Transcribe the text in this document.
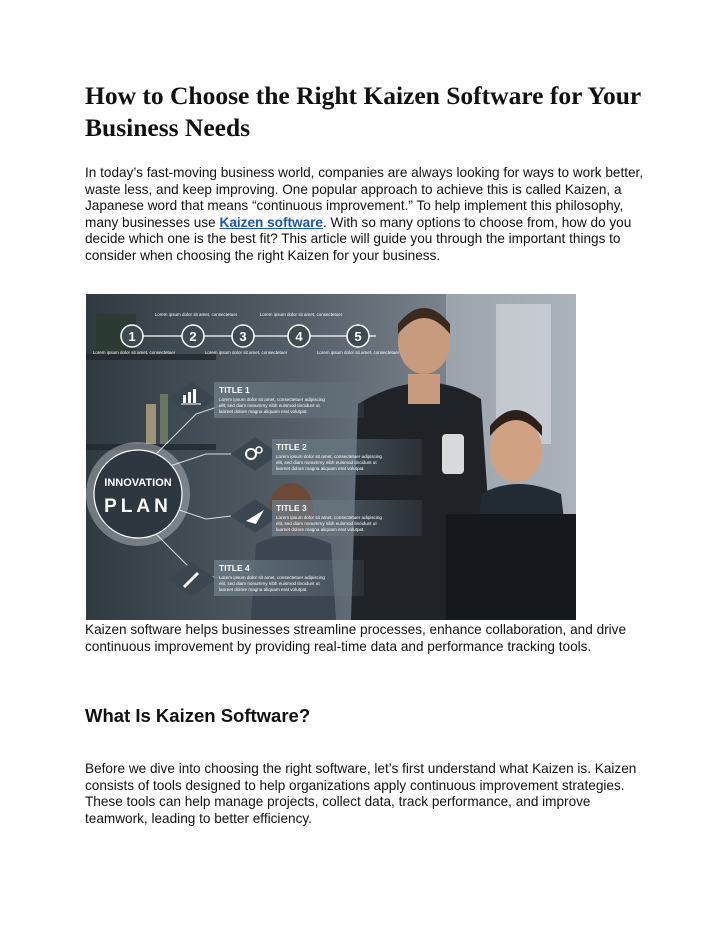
How to Choose the Right Kaizen Software for Your Business Needs

In today’s fast-moving business world, companies are always looking for ways to work better, waste less, and keep improving. One popular approach to achieve this is called Kaizen, a Japanese word that means “continuous improvement.” To help implement this philosophy, many businesses use Kaizen software. With so many options to choose from, how do you decide which one is the best fit? This article will guide you through the important things to consider when choosing the right Kaizen for your business.

1	2	3	4	5
Lorem ipsum dolor sit amet, consectetuer	Lorem ipsum dolor sit amet, consectetuer
Lorem ipsum dolor sit amet, consectetuer	Lorem ipsum dolor sit amet, consectetuer	Lorem ipsum dolor sit amet, consectetuer
INNOVATION
PLAN
TITLE 1
Lorem ipsum dolor sit amet, consectetuer adipiscing
elit, sed diam nonummy nibh euismod tincidunt ut
laoreet dolore magna aliquam erat volutpat.
TITLE 2
Lorem ipsum dolor sit amet, consectetuer adipiscing
elit, sed diam nonummy nibh euismod tincidunt ut
laoreet dolore magna aliquam erat volutpat.
TITLE 3
Lorem ipsum dolor sit amet, consectetuer adipiscing
elit, sed diam nonummy nibh euismod tincidunt ut
laoreet dolore magna aliquam erat volutpat.
TITLE 4
Lorem ipsum dolor sit amet, consectetuer adipiscing
elit, sed diam nonummy nibh euismod tincidunt ut
laoreet dolore magna aliquam erat volutpat.

Kaizen software helps businesses streamline processes, enhance collaboration, and drive continuous improvement by providing real-time data and performance tracking tools.

What Is Kaizen Software?

Before we dive into choosing the right software, let’s first understand what Kaizen is. Kaizen consists of tools designed to help organizations apply continuous improvement strategies. These tools can help manage projects, collect data, track performance, and improve teamwork, leading to better efficiency.
